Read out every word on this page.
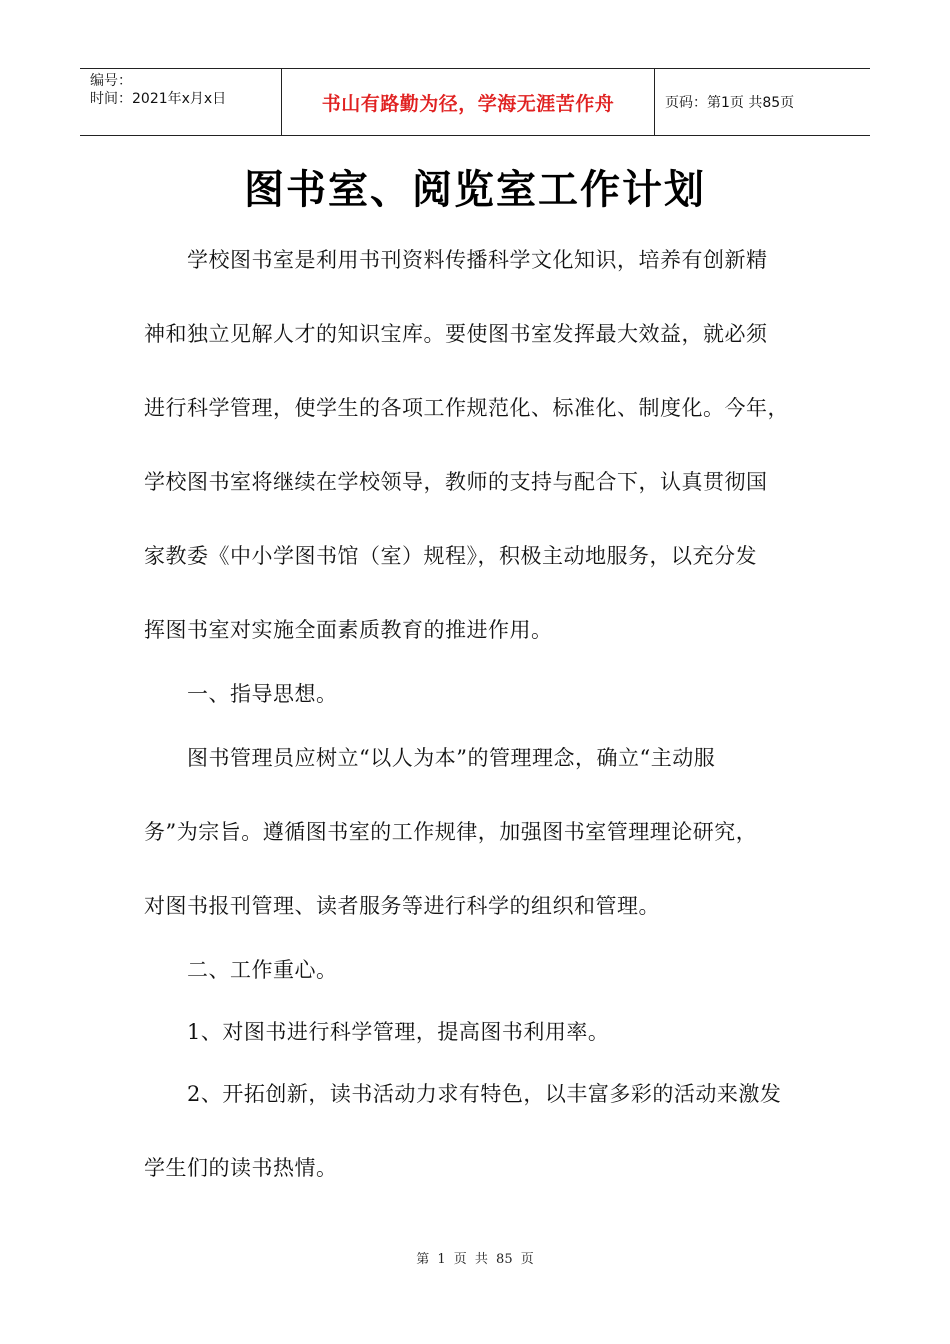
编号：
时间：2021年x月x日	书山有路勤为径，学海无涯苦作舟	页码：第1页 共85页
图书室、阅览室工作计划
　　学校图书室是利用书刊资料传播科学文化知识，培养有创新精
神和独立见解人才的知识宝库。要使图书室发挥最大效益，就必须
进行科学管理，使学生的各项工作规范化、标准化、制度化。今年，
学校图书室将继续在学校领导，教师的支持与配合下，认真贯彻国
家教委《中小学图书馆（室）规程》，积极主动地服务，以充分发
挥图书室对实施全面素质教育的推进作用。
　　一、指导思想。
　　图书管理员应树立“以人为本”的管理理念，确立“主动服
务”为宗旨。遵循图书室的工作规律，加强图书室管理理论研究，
对图书报刊管理、读者服务等进行科学的组织和管理。
　　二、工作重心。
　　1、对图书进行科学管理，提高图书利用率。
　　2、开拓创新，读书活动力求有特色，以丰富多彩的活动来激发
学生们的读书热情。
第 1 页 共 85 页
